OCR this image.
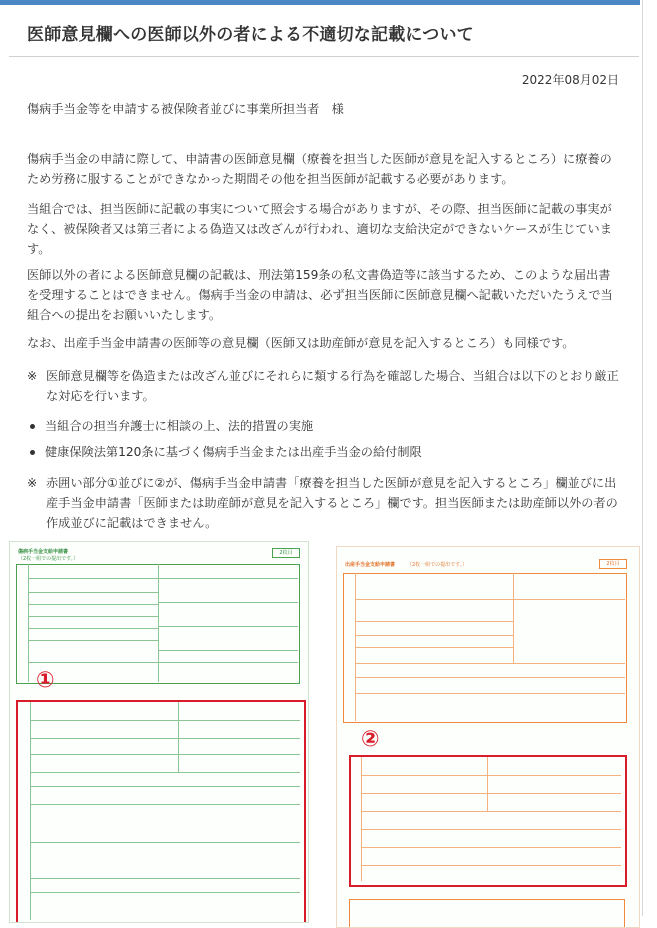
医師意見欄への医師以外の者による不適切な記載について
2022年08月02日

傷病手当金等を申請する被保険者並びに事業所担当者　様

傷病手当金の申請に際して、申請書の医師意見欄（療養を担当した医師が意見を記入するところ）に療養のため労務に服することができなかった期間その他を担当医師が記載する必要があります。

当組合では、担当医師に記載の事実について照会する場合がありますが、その際、担当医師に記載の事実がなく、被保険者又は第三者による偽造又は改ざんが行われ、適切な支給決定ができないケースが生じています。

医師以外の者による医師意見欄の記載は、刑法第159条の私文書偽造等に該当するため、このような届出書を受理することはできません。傷病手当金の申請は、必ず担当医師に医師意見欄へ記載いただいたうえで当組合への提出をお願いいたします。

なお、出産手当金申請書の医師等の意見欄（医師又は助産師が意見を記入するところ）も同様です。

※ 医師意見欄等を偽造または改ざん並びにそれらに類する行為を確認した場合、当組合は以下のとおり厳正な対応を行います。
当組合の担当弁護士に相談の上、法的措置の実施
健康保険法第120条に基づく傷病手当金または出産手当金の給付制限
※ 赤囲い部分①並びに②が、傷病手当金申請書「療養を担当した医師が意見を記入するところ」欄並びに出産手当金申請書「医師または助産師が意見を記入するところ」欄です。担当医師または助産師以外の者の作成並びに記載はできません。
傷病手当金支給申請書
（2枚一組での提出です。）
2枚目
①
出産手当金支給申請書 （2枚一組での提出です。）	2枚目
②
